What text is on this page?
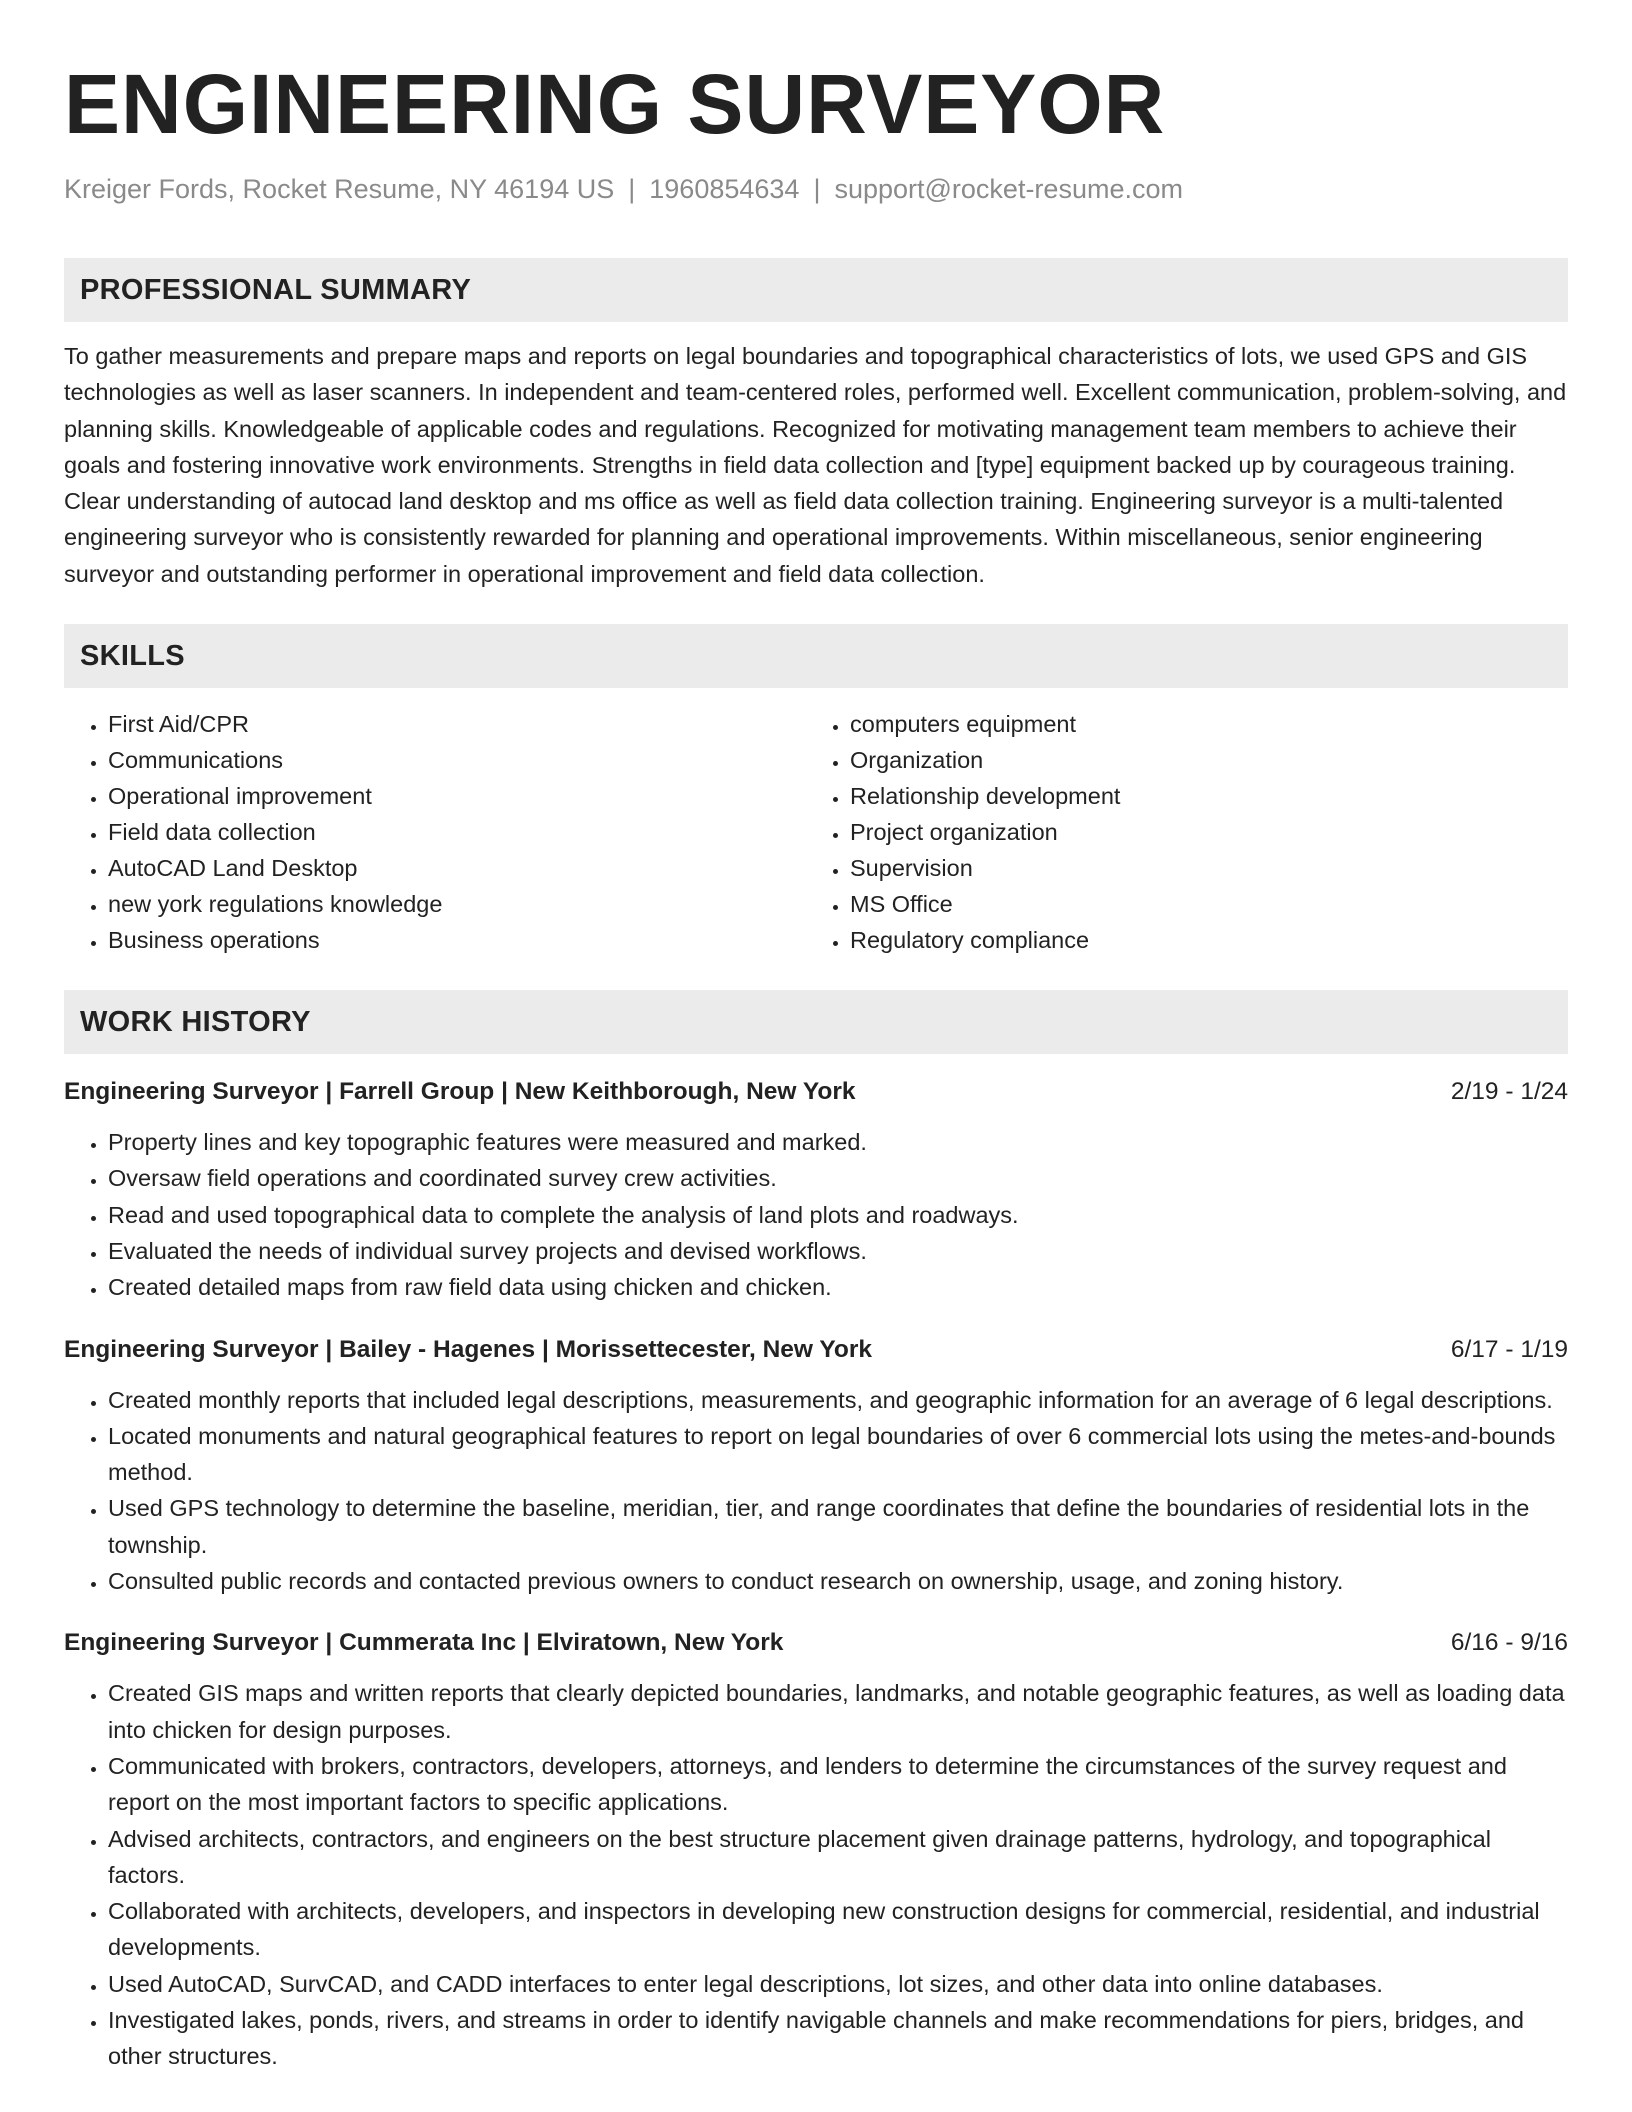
ENGINEERING SURVEYOR
Kreiger Fords, Rocket Resume, NY 46194 US | 1960854634 | support@rocket-resume.com
PROFESSIONAL SUMMARY

To gather measurements and prepare maps and reports on legal boundaries and topographical characteristics of lots, we used GPS and GIS technologies as well as laser scanners. In independent and team-centered roles, performed well. Excellent communication, problem-solving, and planning skills. Knowledgeable of applicable codes and regulations. Recognized for motivating management team members to achieve their goals and fostering innovative work environments. Strengths in field data collection and [type] equipment backed up by courageous training. Clear understanding of autocad land desktop and ms office as well as field data collection training. Engineering surveyor is a multi-talented engineering surveyor who is consistently rewarded for planning and operational improvements. Within miscellaneous, senior engineering surveyor and outstanding performer in operational improvement and field data collection.

SKILLS
• First Aid/CPR
• Communications
• Operational improvement
• Field data collection
• AutoCAD Land Desktop
• new york regulations knowledge
• Business operations
• computers equipment
• Organization
• Relationship development
• Project organization
• Supervision
• MS Office
• Regulatory compliance
WORK HISTORY
Engineering Surveyor | Farrell Group | New Keithborough, New York	2/19 - 1/24
• Property lines and key topographic features were measured and marked.
• Oversaw field operations and coordinated survey crew activities.
• Read and used topographical data to complete the analysis of land plots and roadways.
• Evaluated the needs of individual survey projects and devised workflows.
• Created detailed maps from raw field data using chicken and chicken.
Engineering Surveyor | Bailey - Hagenes | Morissettecester, New York	6/17 - 1/19
• Created monthly reports that included legal descriptions, measurements, and geographic information for an average of 6 legal descriptions.
• Located monuments and natural geographical features to report on legal boundaries of over 6 commercial lots using the metes-and-bounds method.
• Used GPS technology to determine the baseline, meridian, tier, and range coordinates that define the boundaries of residential lots in the township.
• Consulted public records and contacted previous owners to conduct research on ownership, usage, and zoning history.
Engineering Surveyor | Cummerata Inc | Elviratown, New York	6/16 - 9/16
• Created GIS maps and written reports that clearly depicted boundaries, landmarks, and notable geographic features, as well as loading data into chicken for design purposes.
• Communicated with brokers, contractors, developers, attorneys, and lenders to determine the circumstances of the survey request and report on the most important factors to specific applications.
• Advised architects, contractors, and engineers on the best structure placement given drainage patterns, hydrology, and topographical factors.
• Collaborated with architects, developers, and inspectors in developing new construction designs for commercial, residential, and industrial developments.
• Used AutoCAD, SurvCAD, and CADD interfaces to enter legal descriptions, lot sizes, and other data into online databases.
• Investigated lakes, ponds, rivers, and streams in order to identify navigable channels and make recommendations for piers, bridges, and other structures.
